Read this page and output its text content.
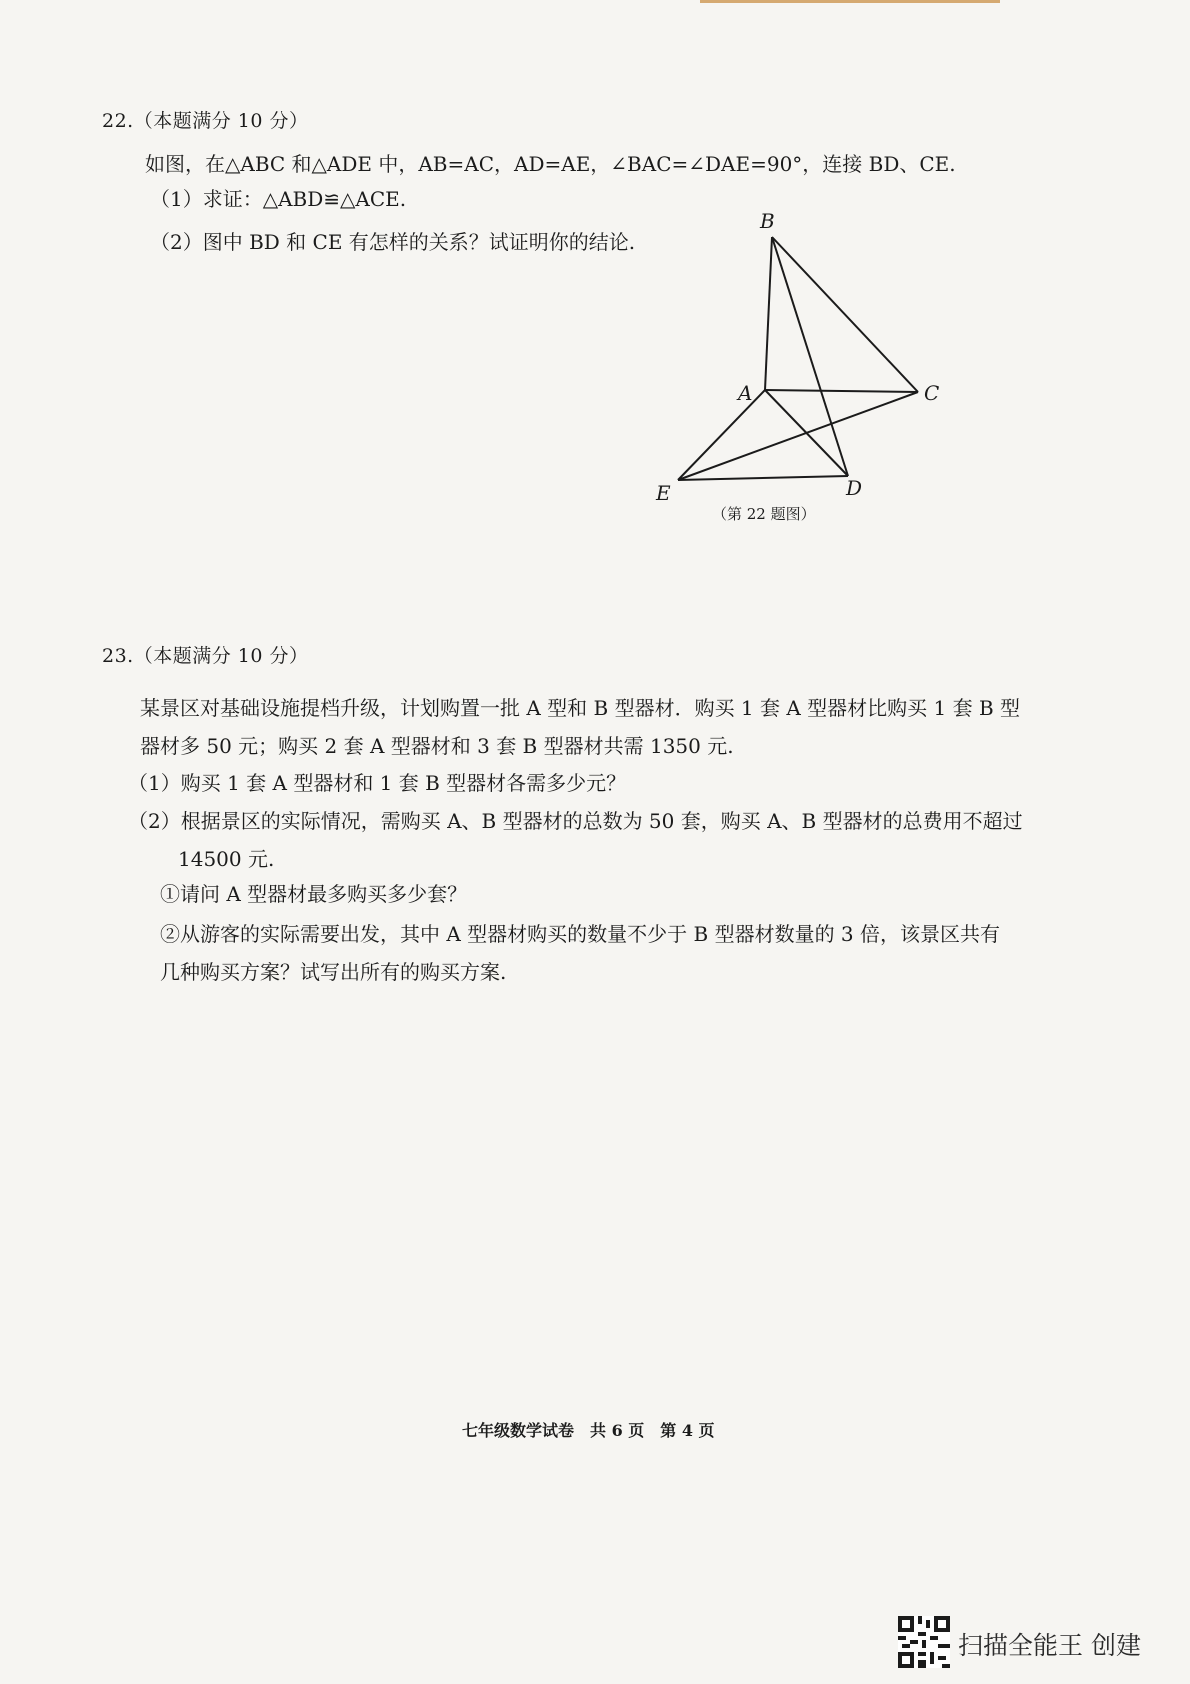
22.（本题满分 10 分）
如图，在△ABC 和△ADE 中，AB=AC，AD=AE，∠BAC=∠DAE=90°，连接 BD、CE.
（1）求证：△ABD≌△ACE.
（2）图中 BD 和 CE 有怎样的关系？试证明你的结论.
B
A	C
E	D
（第 22 题图）
23.（本题满分 10 分）
某景区对基础设施提档升级，计划购置一批 A 型和 B 型器材．购买 1 套 A 型器材比购买 1 套 B 型
器材多 50 元；购买 2 套 A 型器材和 3 套 B 型器材共需 1350 元.
（1）购买 1 套 A 型器材和 1 套 B 型器材各需多少元？
（2）根据景区的实际情况，需购买 A、B 型器材的总数为 50 套，购买 A、B 型器材的总费用不超过
14500 元.
①请问 A 型器材最多购买多少套？
②从游客的实际需要出发，其中 A 型器材购买的数量不少于 B 型器材数量的 3 倍，该景区共有
几种购买方案？试写出所有的购买方案.
七年级数学试卷　共 6 页　第 4 页
扫描全能王 创建
